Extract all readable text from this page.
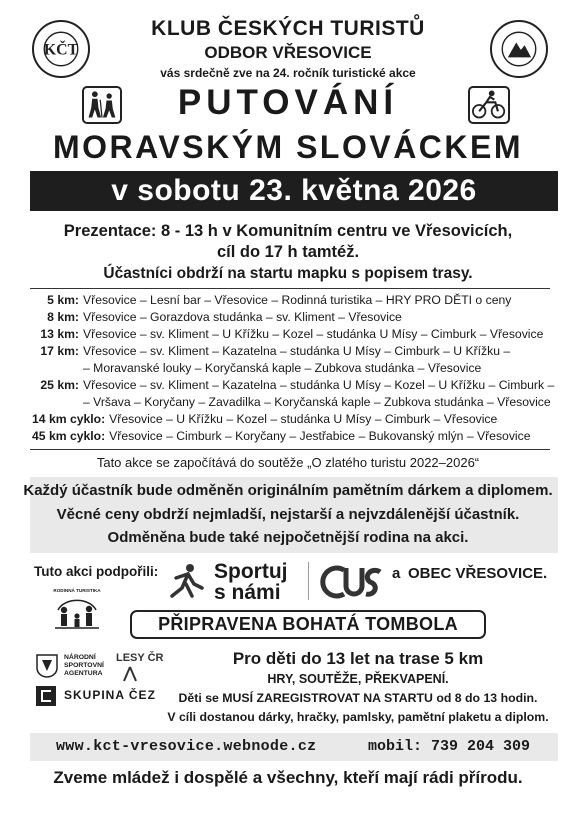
KČT
KLUB ČESKÝCH TURISTŮ
ODBOR VŘESOVICE
vás srdečně zve na 24. ročník turistické akce
PUTOVÁNÍ
MORAVSKÝM SLOVÁCKEM
v sobotu 23. května 2026
Prezentace: 8 - 13 h v Komunitním centru ve Vřesovicích,
cíl do 17 h tamtéž.
Účastníci obdrží na startu mapku s popisem trasy.
5 km: Vřesovice – Lesní bar – Vřesovice – Rodinná turistika – HRY PRO DĚTI o ceny
8 km: Vřesovice – Gorazdova studánka – sv. Kliment – Vřesovice
13 km: Vřesovice – sv. Kliment – U Křížku – Kozel – studánka U Mísy – Cimburk – Vřesovice
17 km: Vřesovice – sv. Kliment – Kazatelna – studánka U Mísy – Cimburk – U Křížku –
– Moravanské louky – Koryčanská kaple – Zubkova studánka – Vřesovice
25 km: Vřesovice – sv. Kliment – Kazatelna – studánka U Mísy – Kozel – U Křížku – Cimburk –
– Vršava – Koryčany – Zavadilka – Koryčanská kaple – Zubkova studánka – Vřesovice
14 km cyklo: Vřesovice – U Křížku – Kozel – studánka U Mísy – Cimburk – Vřesovice
45 km cyklo: Vřesovice – Cimburk – Koryčany – Jestřabice – Bukovanský mlýn – Vřesovice
Tato akce se započítává do soutěže „O zlatého turistu 2022–2026“
Každý účastník bude odměněn originálním pamětním dárkem a diplomem.
Věcné ceny obdrží nejmladší, nejstarší a nejvzdálenější účastník.
Odměněna bude také nejpočetnější rodina na akci.
Tuto akci podpořili:	Sportuj
s námi
a OBEC VŘESOVICE.
RODINNÁ TURISTIKA
PŘIPRAVENA BOHATÁ TOMBOLA
NÁRODNÍ
SPORTOVNÍ
AGENTURA
LESY ČR
SKUPINA ČEZ
Pro děti do 13 let na trase 5 km
HRY, SOUTĚŽE, PŘEKVAPENÍ.
Děti se MUSÍ ZAREGISTROVAT NA STARTU od 8 do 13 hodin.
V cíli dostanou dárky, hračky, pamlsky, pamětní plaketu a diplom.
www.kct-vresovice.webnode.cz	mobil: 739 204 309
Zveme mládež i dospělé a všechny, kteří mají rádi přírodu.
